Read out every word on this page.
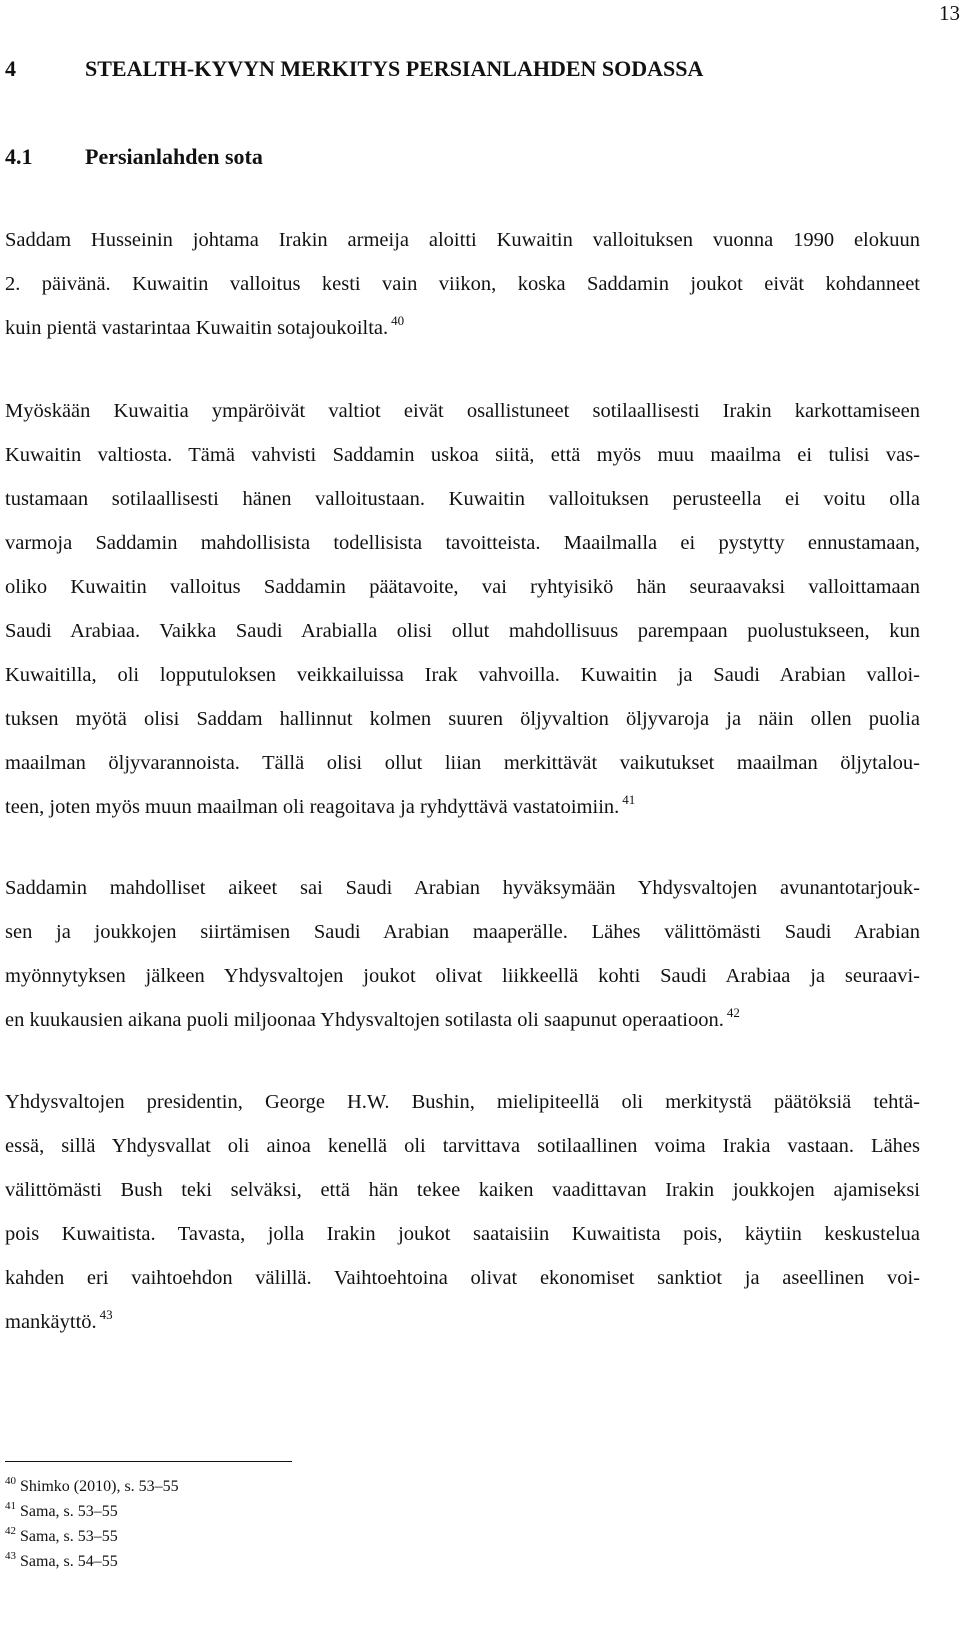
13
4	STEALTH-KYVYN MERKITYS PERSIANLAHDEN SODASSA
4.1 Persianlahden sota
Saddam Husseinin johtama Irakin armeija aloitti Kuwaitin valloituksen vuonna 1990 elokuun
2. päivänä. Kuwaitin valloitus kesti vain viikon, koska Saddamin joukot eivät kohdanneet
kuin pientä vastarintaa Kuwaitin sotajoukoilta. $^{40}$
Myöskään Kuwaitia ympäröivät valtiot eivät osallistuneet sotilaallisesti Irakin karkottamiseen
Kuwaitin valtiosta. Tämä vahvisti Saddamin uskoa siitä, että myös muu maailma ei tulisi vas-
tustamaan sotilaallisesti hänen valloitustaan. Kuwaitin valloituksen perusteella ei voitu olla
varmoja Saddamin mahdollisista todellisista tavoitteista. Maailmalla ei pystytty ennustamaan,
oliko Kuwaitin valloitus Saddamin päätavoite, vai ryhtyisikö hän seuraavaksi valloittamaan
Saudi Arabiaa. Vaikka Saudi Arabialla olisi ollut mahdollisuus parempaan puolustukseen, kun
Kuwaitilla, oli lopputuloksen veikkailuissa Irak vahvoilla. Kuwaitin ja Saudi Arabian valloi-
tuksen myötä olisi Saddam hallinnut kolmen suuren öljyvaltion öljyvaroja ja näin ollen puolia
maailman öljyvarannoista. Tällä olisi ollut liian merkittävät vaikutukset maailman öljytalou-
teen, joten myös muun maailman oli reagoitava ja ryhdyttävä vastatoimiin. $^{41}$
Saddamin mahdolliset aikeet sai Saudi Arabian hyväksymään Yhdysvaltojen avunantotarjouk-
sen ja joukkojen siirtämisen Saudi Arabian maaperälle. Lähes välittömästi Saudi Arabian
myönnytyksen jälkeen Yhdysvaltojen joukot olivat liikkeellä kohti Saudi Arabiaa ja seuraavi-
en kuukausien aikana puoli miljoonaa Yhdysvaltojen sotilasta oli saapunut operaatioon. $^{42}$
Yhdysvaltojen presidentin, George H.W. Bushin, mielipiteellä oli merkitystä päätöksiä tehtä-
essä, sillä Yhdysvallat oli ainoa kenellä oli tarvittava sotilaallinen voima Irakia vastaan. Lähes
välittömästi Bush teki selväksi, että hän tekee kaiken vaadittavan Irakin joukkojen ajamiseksi
pois Kuwaitista. Tavasta, jolla Irakin joukot saataisiin Kuwaitista pois, käytiin keskustelua
kahden eri vaihtoehdon välillä. Vaihtoehtoina olivat ekonomiset sanktiot ja aseellinen voi-
mankäyttö. $^{43}$
$^{40}$ Shimko (2010), s. 53–55
$^{41}$ Sama, s. 53–55
$^{42}$ Sama, s. 53–55
$^{43}$ Sama, s. 54–55
